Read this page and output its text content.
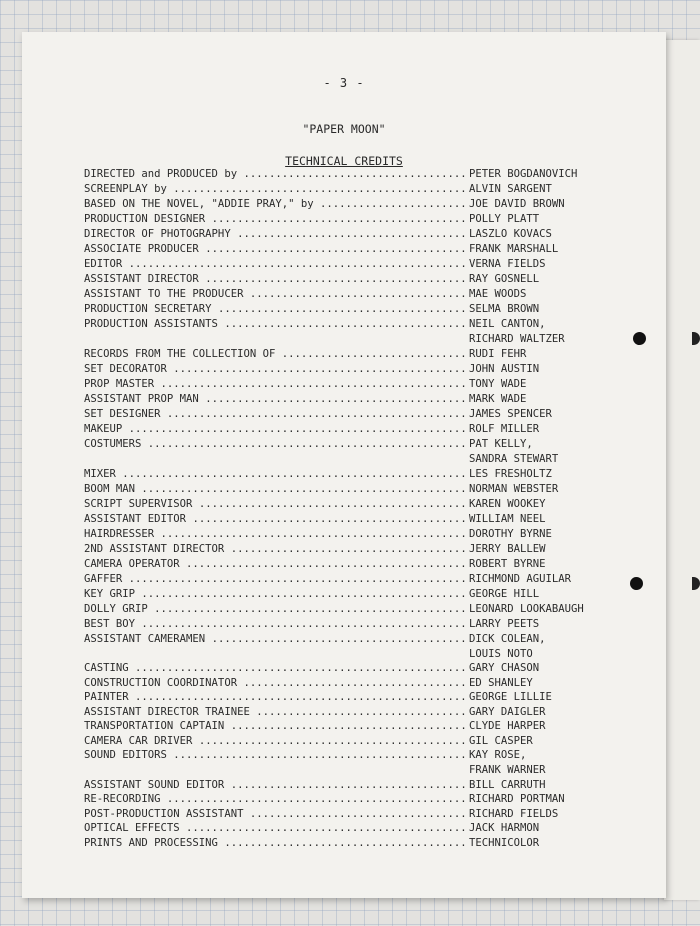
- 3 -
"PAPER MOON"
TECHNICAL CREDITS
DIRECTED and PRODUCED by .....	PETER BOGDANOVICH
SCREENPLAY by .....	ALVIN SARGENT
BASED ON THE NOVEL, "ADDIE PRAY," by .....	JOE DAVID BROWN
PRODUCTION DESIGNER .....	POLLY PLATT
DIRECTOR OF PHOTOGRAPHY .....	LASZLO KOVACS
ASSOCIATE PRODUCER .....	FRANK MARSHALL
EDITOR .....	VERNA FIELDS
ASSISTANT DIRECTOR .....	RAY GOSNELL
ASSISTANT TO THE PRODUCER .....	MAE WOODS
PRODUCTION SECRETARY .....	SELMA BROWN
PRODUCTION ASSISTANTS .....	NEIL CANTON,
RICHARD WALTZER
RECORDS FROM THE COLLECTION OF .....	RUDI FEHR
SET DECORATOR .....	JOHN AUSTIN
PROP MASTER .....	TONY WADE
ASSISTANT PROP MAN .....	MARK WADE
SET DESIGNER .....	JAMES SPENCER
MAKEUP .....	ROLF MILLER
COSTUMERS .....	PAT KELLY,
SANDRA STEWART
MIXER .....	LES FRESHOLTZ
BOOM MAN .....	NORMAN WEBSTER
SCRIPT SUPERVISOR .....	KAREN WOOKEY
ASSISTANT EDITOR .....	WILLIAM NEEL
HAIRDRESSER .....	DOROTHY BYRNE
2ND ASSISTANT DIRECTOR .....	JERRY BALLEW
CAMERA OPERATOR .....	ROBERT BYRNE
GAFFER .....	RICHMOND AGUILAR
KEY GRIP .....	GEORGE HILL
DOLLY GRIP .....	LEONARD LOOKABAUGH
BEST BOY .....	LARRY PEETS
ASSISTANT CAMERAMEN .....	DICK COLEAN,
LOUIS NOTO
CASTING .....	GARY CHASON
CONSTRUCTION COORDINATOR .....	ED SHANLEY
PAINTER .....	GEORGE LILLIE
ASSISTANT DIRECTOR TRAINEE .....	GARY DAIGLER
TRANSPORTATION CAPTAIN .....	CLYDE HARPER
CAMERA CAR DRIVER .....	GIL CASPER
SOUND EDITORS .....	KAY ROSE,
FRANK WARNER
ASSISTANT SOUND EDITOR .....	BILL CARRUTH
RE-RECORDING .....	RICHARD PORTMAN
POST-PRODUCTION ASSISTANT .....	RICHARD FIELDS
OPTICAL EFFECTS .....	JACK HARMON
PRINTS AND PROCESSING .....	TECHNICOLOR
